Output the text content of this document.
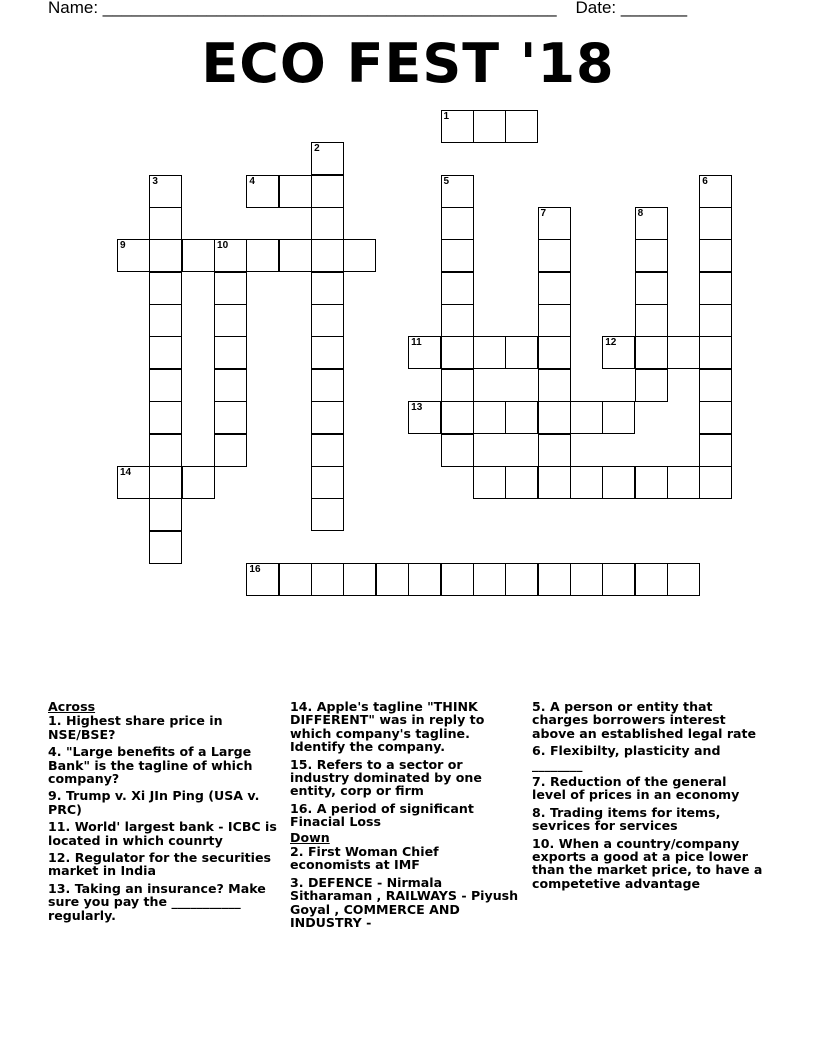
Name: ________________________________________________    Date: _______
ECO FEST '18
1
2
3	4	5	6
7	8
9	10
11	12
13
14
16
Across
1. Highest share price in NSE/BSE?
4. "Large benefits of a Large Bank" is the tagline of which company?
9. Trump v. Xi JIn Ping (USA v. PRC)
11. World' largest bank - ICBC is located in which counrty
12. Regulator for the securities market in India
13. Taking an insurance? Make sure you pay the ___________ regularly.
14. Apple's tagline "THINK DIFFERENT" was in reply to which company's tagline. Identify the company.
15. Refers to a sector or industry dominated by one entity, corp or firm
16. A period of significant Finacial Loss
Down
2. First Woman Chief economists at IMF
3. DEFENCE - Nirmala Sitharaman , RAILWAYS - Piyush Goyal , COMMERCE AND INDUSTRY -
5. A person or entity that charges borrowers interest above an established legal rate
6. Flexibilty, plasticity and ________
7. Reduction of the general level of prices in an economy
8. Trading items for items, sevrices for services
10. When a country/company exports a good at a pice lower than the market price, to have a competetive advantage
